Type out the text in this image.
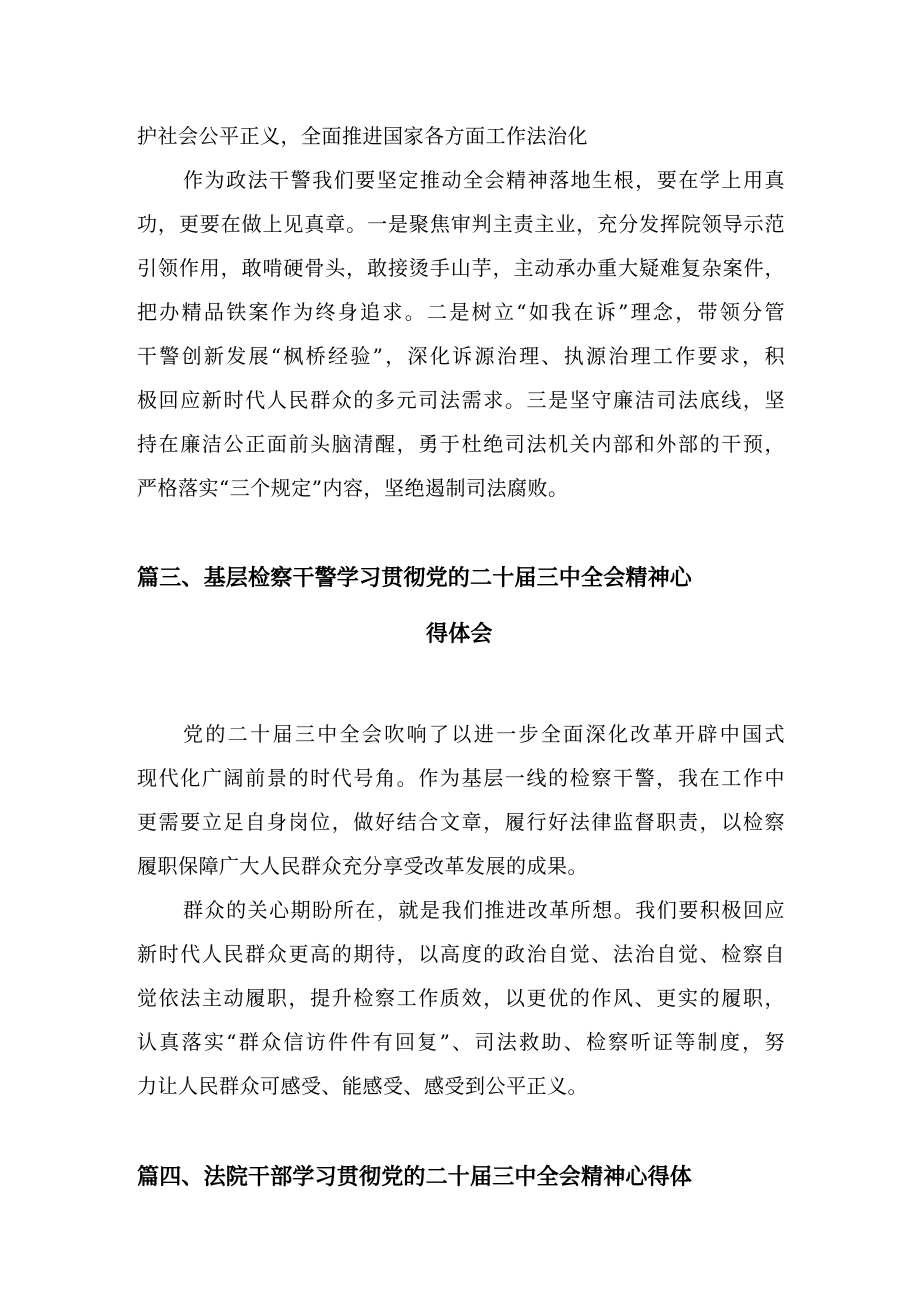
护社会公平正义，全面推进国家各方面工作法治化
作为政法干警我们要坚定推动全会精神落地生根，要在学上用真
功，更要在做上见真章。一是聚焦审判主责主业，充分发挥院领导示范
引领作用，敢啃硬骨头，敢接烫手山芋，主动承办重大疑难复杂案件，
把办精品铁案作为终身追求。二是树立“如我在诉”理念，带领分管
干警创新发展“枫桥经验”，深化诉源治理、执源治理工作要求，积
极回应新时代人民群众的多元司法需求。三是坚守廉洁司法底线，坚
持在廉洁公正面前头脑清醒，勇于杜绝司法机关内部和外部的干预，
严格落实“三个规定”内容，坚绝遏制司法腐败。
篇三、基层检察干警学习贯彻党的二十届三中全会精神心
得体会
党的二十届三中全会吹响了以进一步全面深化改革开辟中国式
现代化广阔前景的时代号角。作为基层一线的检察干警，我在工作中
更需要立足自身岗位，做好结合文章，履行好法律监督职责，以检察
履职保障广大人民群众充分享受改革发展的成果。
群众的关心期盼所在，就是我们推进改革所想。我们要积极回应
新时代人民群众更高的期待，以高度的政治自觉、法治自觉、检察自
觉依法主动履职，提升检察工作质效，以更优的作风、更实的履职，
认真落实“群众信访件件有回复”、司法救助、检察听证等制度，努
力让人民群众可感受、能感受、感受到公平正义。
篇四、法院干部学习贯彻党的二十届三中全会精神心得体
